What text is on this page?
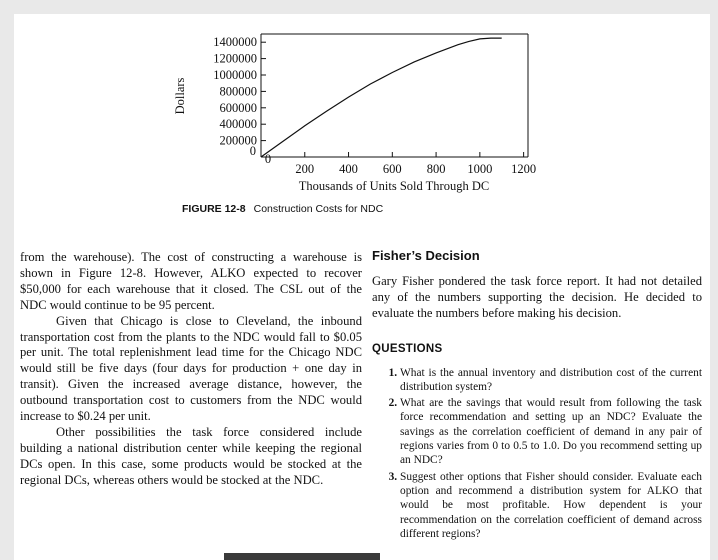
0
200000
400000
600000
800000
1000000
1200000
1400000
0
200 400 600 800 1000 1200
Dollars
Thousands of Units Sold Through DC
FIGURE 12-8 Construction Costs for NDC

from the warehouse). The cost of constructing a warehouse is shown in Figure 12-8. However, ALKO expected to recover $50,000 for each warehouse that it closed. The CSL out of the NDC would continue to be 95 percent.

Given that Chicago is close to Cleveland, the inbound transportation cost from the plants to the NDC would fall to $0.05 per unit. The total replenishment lead time for the Chicago NDC would still be five days (four days for production + one day in transit). Given the increased average distance, however, the outbound transportation cost to customers from the NDC would increase to $0.24 per unit.

Other possibilities the task force considered include building a national distribution center while keeping the regional DCs open. In this case, some products would be stocked at the regional DCs, whereas others would be stocked at the NDC.

Fisher’s Decision

Gary Fisher pondered the task force report. It had not detailed any of the numbers supporting the decision. He decided to evaluate the numbers before making his decision.

QUESTIONS
1. What is the annual inventory and distribution cost of the current distribution system?
2. What are the savings that would result from following the task force recommendation and setting up an NDC? Evaluate the savings as the correlation coefficient of demand in any pair of regions varies from 0 to 0.5 to 1.0. Do you recommend setting up an NDC?
3. Suggest other options that Fisher should consider. Evaluate each option and recommend a distribution system for ALKO that would be most profitable. How dependent is your recommendation on the correlation coefficient of demand across different regions?
